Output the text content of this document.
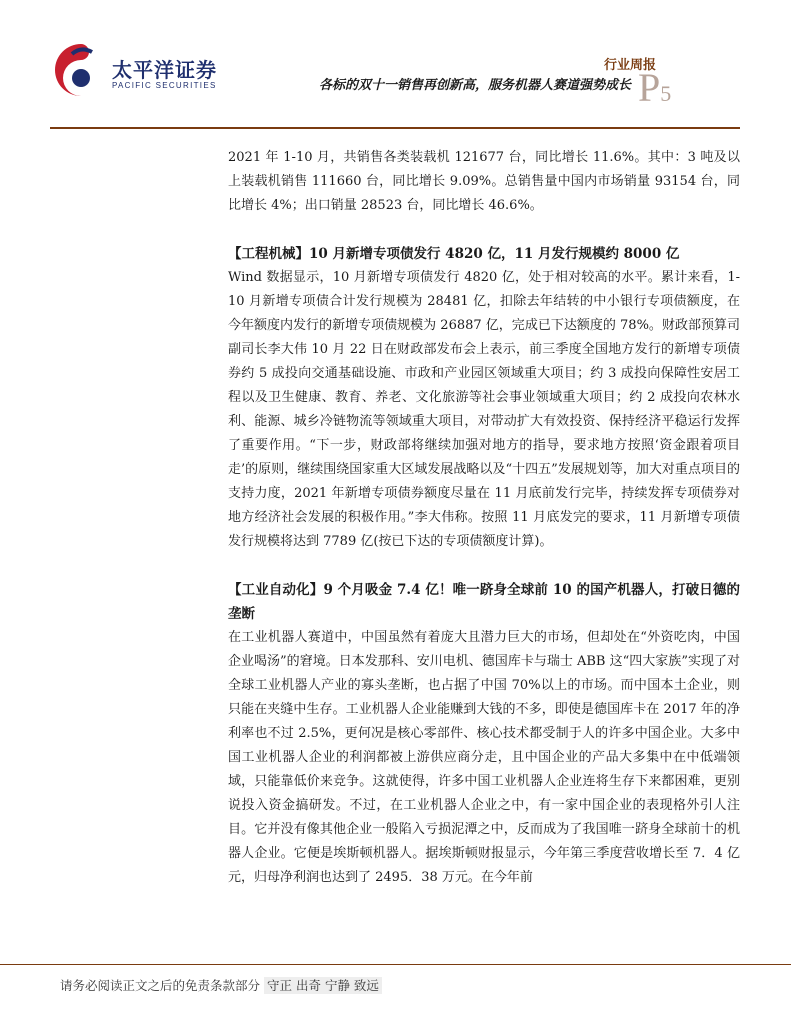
太平洋证券
PACIFIC SECURITIES
行业周报
各标的双十一销售再创新高，服务机器人赛道强势成长 P5

2021 年 1-10 月，共销售各类装载机 121677 台，同比增长 11.6%。其中：3 吨及以上装载机销售 111660 台，同比增长 9.09%。总销售量中国内市场销量 93154 台，同比增长 4%；出口销量 28523 台，同比增长 46.6%。

【工程机械】10 月新增专项债发行 4820 亿，11 月发行规模约 8000 亿

Wind 数据显示，10 月新增专项债发行 4820 亿，处于相对较高的水平。累计来看，1-10 月新增专项债合计发行规模为 28481 亿，扣除去年结转的中小银行专项债额度，在今年额度内发行的新增专项债规模为 26887 亿，完成已下达额度的 78%。财政部预算司副司长李大伟 10 月 22 日在财政部发布会上表示，前三季度全国地方发行的新增专项债券约 5 成投向交通基础设施、市政和产业园区领域重大项目；约 3 成投向保障性安居工程以及卫生健康、教育、养老、文化旅游等社会事业领域重大项目；约 2 成投向农林水利、能源、城乡冷链物流等领域重大项目，对带动扩大有效投资、保持经济平稳运行发挥了重要作用。“下一步，财政部将继续加强对地方的指导，要求地方按照‘资金跟着项目走’的原则，继续围绕国家重大区域发展战略以及“十四五”发展规划等，加大对重点项目的支持力度，2021 年新增专项债券额度尽量在 11 月底前发行完毕，持续发挥专项债券对地方经济社会发展的积极作用。”李大伟称。按照 11 月底发完的要求，11 月新增专项债发行规模将达到 7789 亿(按已下达的专项债额度计算)。

【工业自动化】9 个月吸金 7.4 亿！唯一跻身全球前 10 的国产机器人，打破日德的垄断

在工业机器人赛道中，中国虽然有着庞大且潜力巨大的市场，但却处在“外资吃肉，中国企业喝汤”的窘境。日本发那科、安川电机、德国库卡与瑞士 ABB 这“四大家族”实现了对全球工业机器人产业的寡头垄断，也占据了中国 70%以上的市场。而中国本土企业，则只能在夹缝中生存。工业机器人企业能赚到大钱的不多，即使是德国库卡在 2017 年的净利率也不过 2.5%，更何况是核心零部件、核心技术都受制于人的许多中国企业。大多中国工业机器人企业的利润都被上游供应商分走，且中国企业的产品大多集中在中低端领域，只能靠低价来竞争。这就使得，许多中国工业机器人企业连将生存下来都困难，更别说投入资金搞研发。不过，在工业机器人企业之中，有一家中国企业的表现格外引人注目。它并没有像其他企业一般陷入亏损泥潭之中，反而成为了我国唯一跻身全球前十的机器人企业。它便是埃斯顿机器人。据埃斯顿财报显示，今年第三季度营收增长至 7．4 亿元，归母净利润也达到了 2495．38 万元。在今年前

请务必阅读正文之后的免责条款部分 守正 出奇 宁静 致远
